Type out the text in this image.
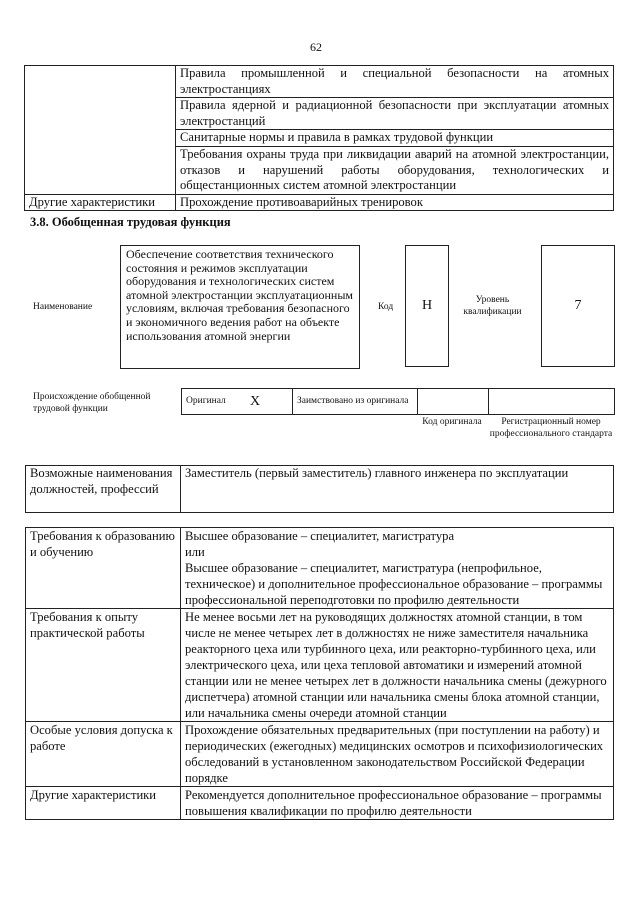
62
	Правила промышленной и специальной безопасности на атомных электростанциях
	Правила ядерной и радиационной безопасности при эксплуатации атомных электростанций
	Санитарные нормы и правила в рамках трудовой функции
	Требования охраны труда при ликвидации аварий на атомной электростанции, отказов и нарушений работы оборудования, технологических и общестанционных систем атомной электростанции
Другие характеристики	Прохождение противоаварийных тренировок
3.8. Обобщенная трудовая функция
Наименование
Обеспечение соответствия технического состояния и режимов эксплуатации оборудования и технологических систем атомной электростанции эксплуатационным условиям, включая требования безопасного и экономичного ведения работ на объекте использования атомной энергии
Код	H	Уровень квалификации	7
Происхождение обобщенной трудовой функции
Оригинал	X	Заимствовано из оригинала		
Код оригинала	Регистрационный номер профессионального стандарта
Возможные наименования должностей, профессий	Заместитель (первый заместитель) главного инженера по эксплуатации
Требования к образованию и обучению	Высшее образование – специалитет, магистратура
или
Высшее образование – специалитет, магистратура (непрофильное, техническое) и дополнительное профессиональное образование – программы профессиональной переподготовки по профилю деятельности

Требования к опыту практической работы	Не менее восьми лет на руководящих должностях атомной станции, в том числе не менее четырех лет в должностях не ниже заместителя начальника реакторного цеха или турбинного цеха, или реакторно-турбинного цеха, или электрического цеха, или цеха тепловой автоматики и измерений атомной станции или не менее четырех лет в должности начальника смены (дежурного диспетчера) атомной станции или начальника смены блока атомной станции, или начальника смены очереди атомной станции
Особые условия допуска к работе	Прохождение обязательных предварительных (при поступлении на работу) и периодических (ежегодных) медицинских осмотров и психофизиологических обследований в установленном законодательством Российской Федерации порядке
Другие характеристики	Рекомендуется дополнительное профессиональное образование – программы повышения квалификации по профилю деятельности
